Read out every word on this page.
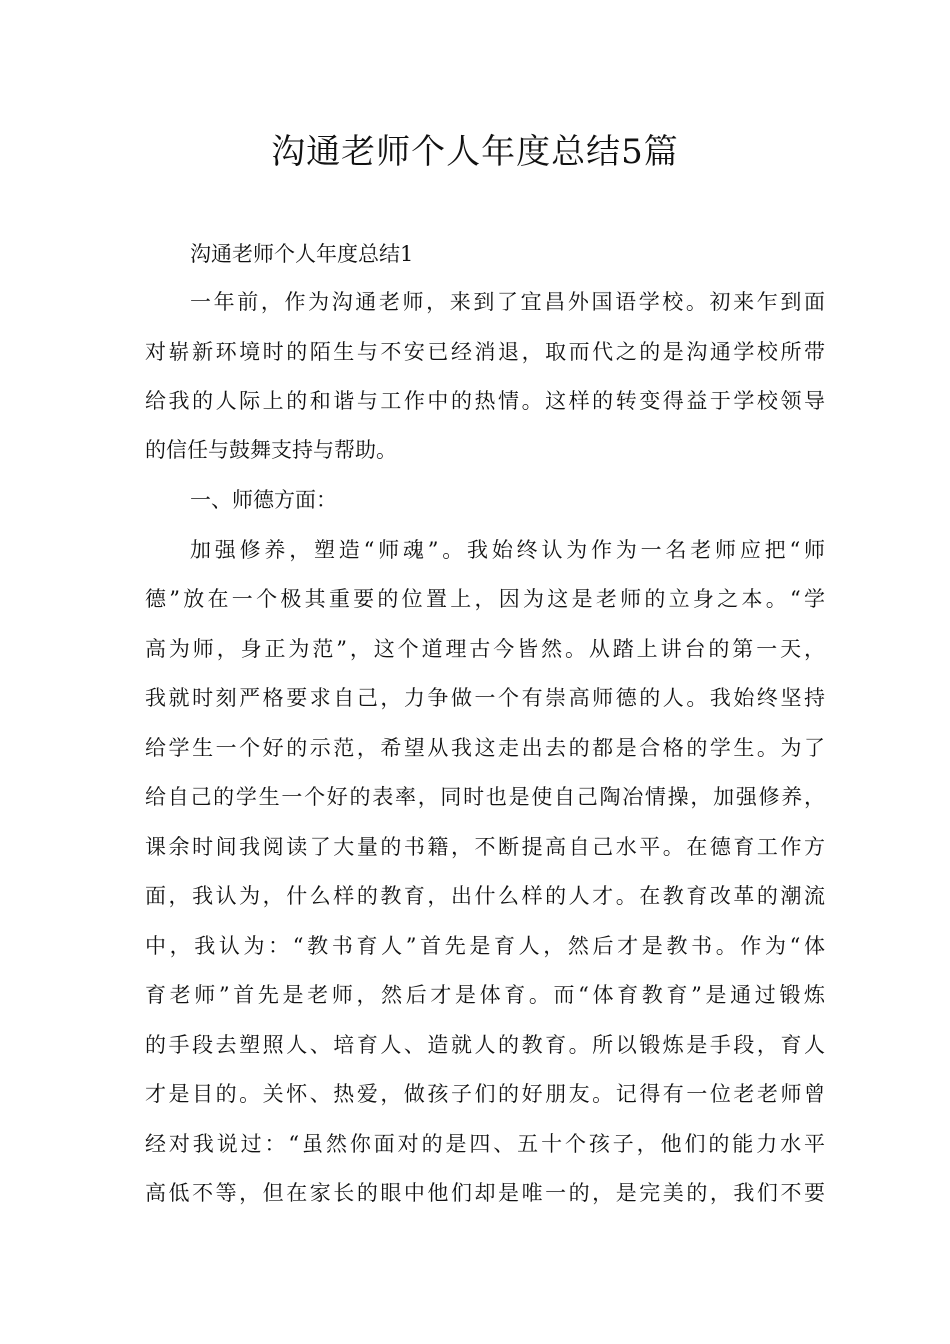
沟通老师个人年度总结5篇
沟通老师个人年度总结1
一年前，作为沟通老师，来到了宜昌外国语学校。初来乍到面
对崭新环境时的陌生与不安已经消退，取而代之的是沟通学校所带
给我的人际上的和谐与工作中的热情。这样的转变得益于学校领导
的信任与鼓舞支持与帮助。
一、师德方面：
加强修养，塑造“师魂”。我始终认为作为一名老师应把“师
德”放在一个极其重要的位置上，因为这是老师的立身之本。“学
高为师，身正为范”，这个道理古今皆然。从踏上讲台的第一天，
我就时刻严格要求自己，力争做一个有崇高师德的人。我始终坚持
给学生一个好的示范，希望从我这走出去的都是合格的学生。为了
给自己的学生一个好的表率，同时也是使自己陶冶情操，加强修养，
课余时间我阅读了大量的书籍，不断提高自己水平。在德育工作方
面，我认为，什么样的教育，出什么样的人才。在教育改革的潮流
中，我认为：“教书育人”首先是育人，然后才是教书。作为“体
育老师”首先是老师，然后才是体育。而“体育教育”是通过锻炼
的手段去塑照人、培育人、造就人的教育。所以锻炼是手段，育人
才是目的。关怀、热爱，做孩子们的好朋友。记得有一位老老师曾
经对我说过：“虽然你面对的是四、五十个孩子，他们的能力水平
高低不等，但在家长的眼中他们却是唯一的，是完美的，我们不要
